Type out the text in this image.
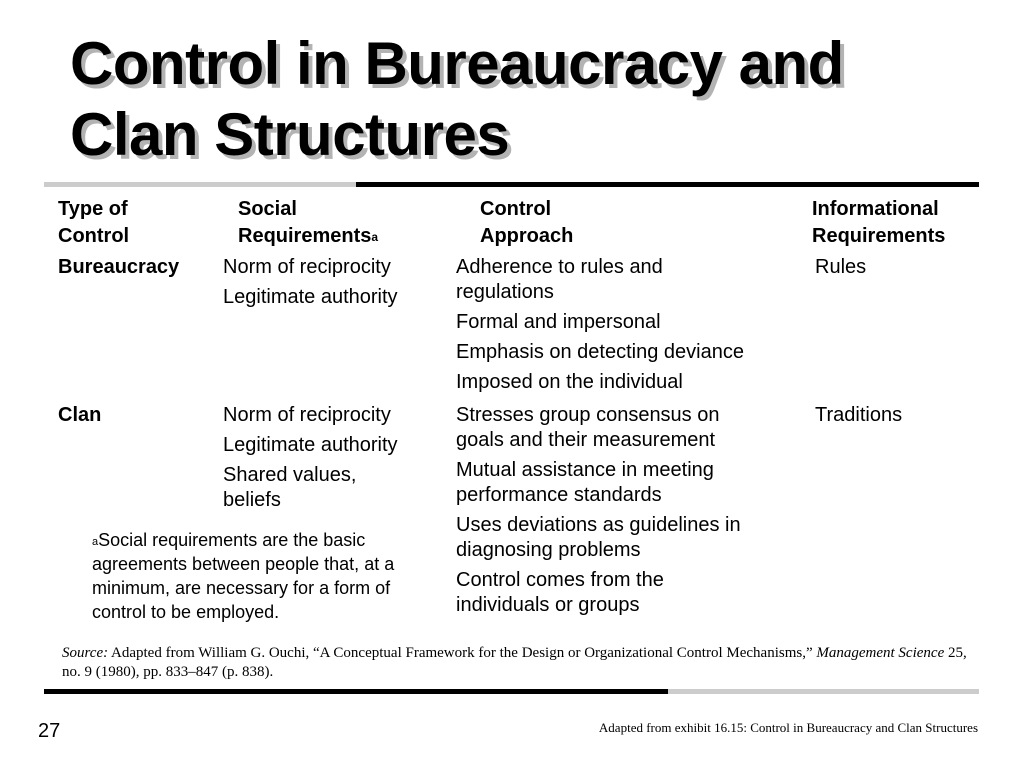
Control in Bureaucracy and
Clan Structures
Type of
Control
Social
Requirements$^a$
Control
Approach
Informational
Requirements
Bureaucracy Norm of reciprocity
Legitimate authority
Adherence to rules and regulations
Formal and impersonal
Emphasis on detecting deviance
Imposed on the individual
Rules
Clan	Norm of reciprocity
Legitimate authority
Shared values, beliefs
Stresses group consensus on goals and their measurement
Mutual assistance in meeting performance standards
Uses deviations as guidelines in diagnosing problems
Control comes from the individuals or groups
Traditions
$^a$Social requirements are the basic agreements between people that, at a minimum, are necessary for a form of control to be employed.
Source: Adapted from William G. Ouchi, “A Conceptual Framework for the Design or Organizational Control Mechanisms,” Management Science 25, no. 9 (1980), pp. 833–847 (p. 838).
27	Adapted from exhibit 16.15: Control in Bureaucracy and Clan Structures
